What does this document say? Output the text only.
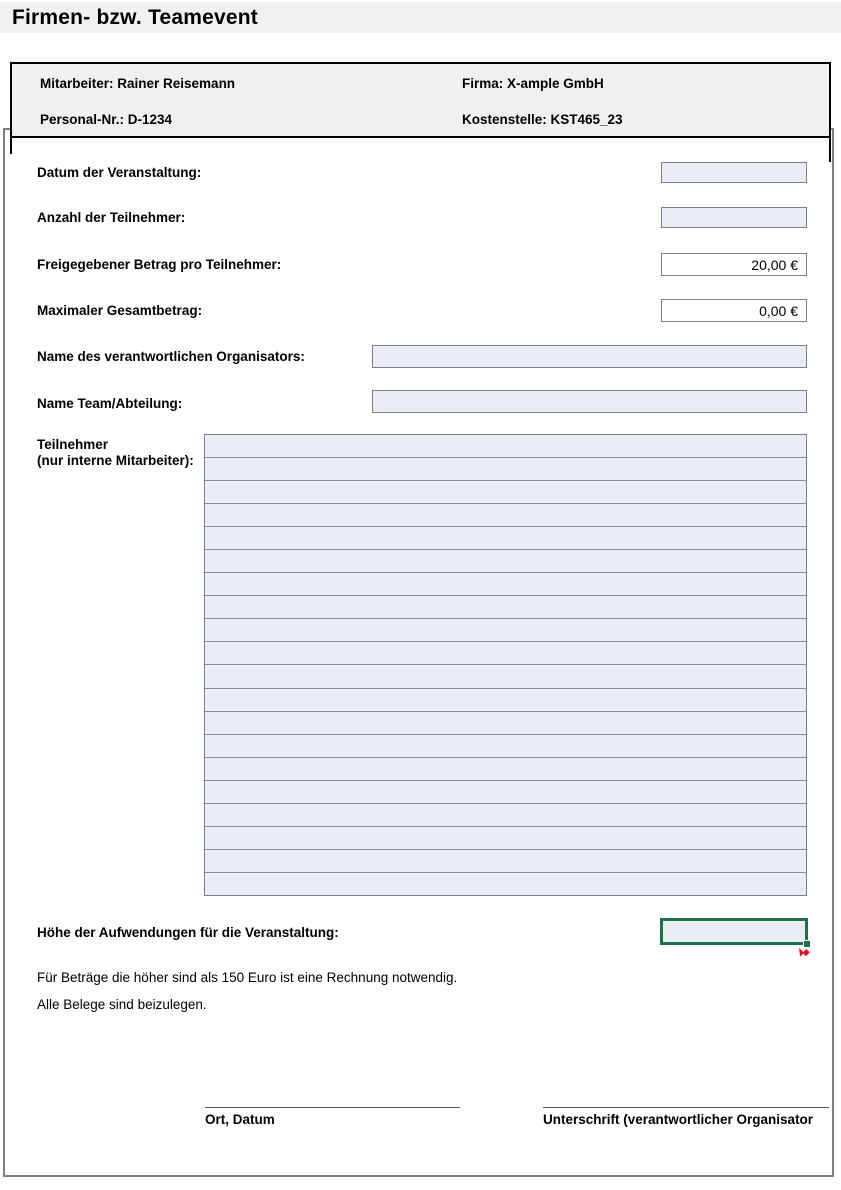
Firmen- bzw. Teamevent
Mitarbeiter: Rainer Reisemann	Firma: X-ample GmbH
Personal-Nr.: D-1234	Kostenstelle: KST465_23
Datum der Veranstaltung:
Anzahl der Teilnehmer:
Freigegebener Betrag pro Teilnehmer:
20,00 €
Maximaler Gesamtbetrag:
0,00 €
Name des verantwortlichen Organisators:
Name Team/Abteilung:
Teilnehmer
(nur interne Mitarbeiter):
Höhe der Aufwendungen für die Veranstaltung:
Für Beträge die höher sind als 150 Euro ist eine Rechnung notwendig.
Alle Belege sind beizulegen.
Ort, Datum	Unterschrift (verantwortlicher Organisator
